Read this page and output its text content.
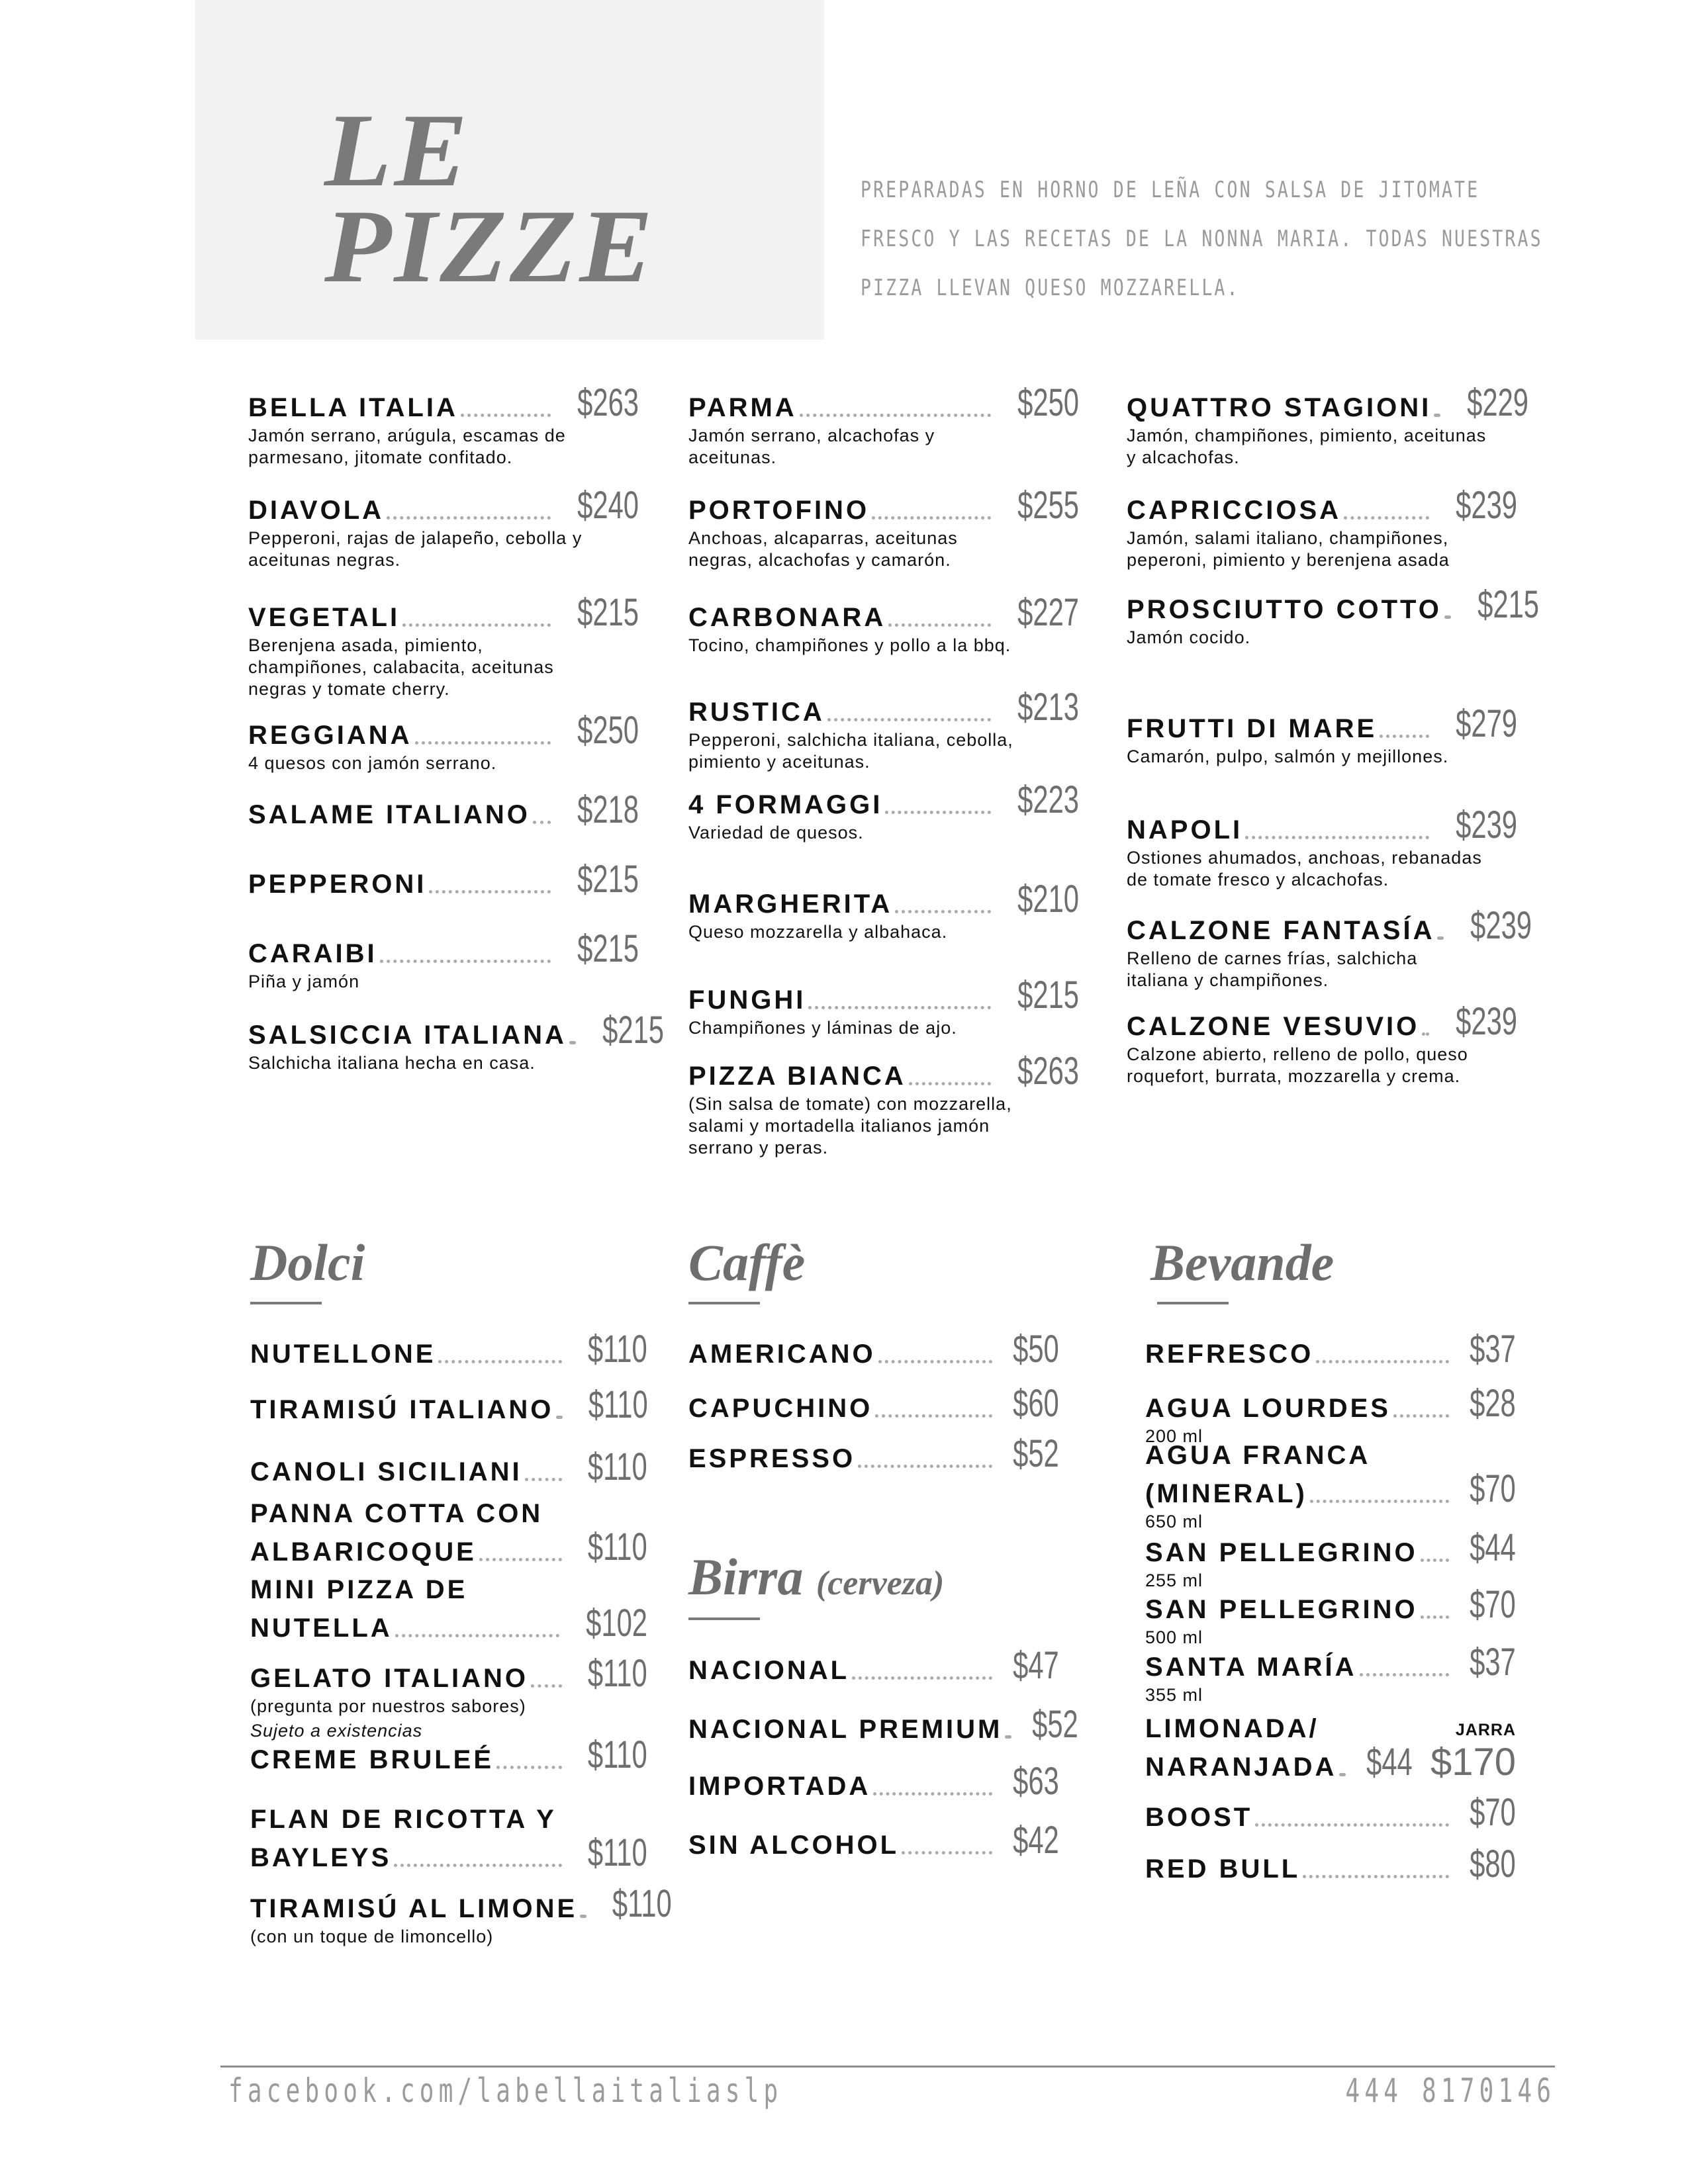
LE
PIZZE	PREPARADAS EN HORNO DE LEÑA CON SALSA DE JITOMATE
FRESCO Y LAS RECETAS DE LA NONNA MARIA. TODAS NUESTRAS
PIZZA LLEVAN QUESO MOZZARELLA.
BELLA ITALIA	$263
Jamón serrano, arúgula, escamas de
parmesano, jitomate confitado.
DIAVOLA	$240
Pepperoni, rajas de jalapeño, cebolla y
aceitunas negras.
VEGETALI	$215
Berenjena asada, pimiento,
champiñones, calabacita, aceitunas
negras y tomate cherry.
REGGIANA	$250
4 quesos con jamón serrano.
SALAME ITALIANO $218
PEPPERONI	$215
CARAIBI	$215
Piña y jamón
SALSICCIA ITALIANA $215
Salchicha italiana hecha en casa.
PARMA	$250
Jamón serrano, alcachofas y
aceitunas.
PORTOFINO	$255
Anchoas, alcaparras, aceitunas
negras, alcachofas y camarón.
CARBONARA	$227
Tocino, champiñones y pollo a la bbq.
RUSTICA	$213
Pepperoni, salchicha italiana, cebolla,
pimiento y aceitunas.
4 FORMAGGI	$223
Variedad de quesos.
MARGHERITA	$210
Queso mozzarella y albahaca.
FUNGHI	$215
Champiñones y láminas de ajo.
PIZZA BIANCA	$263
(Sin salsa de tomate) con mozzarella,
salami y mortadella italianos jamón
serrano y peras.
QUATTRO STAGIONI $229
Jamón, champiñones, pimiento, aceitunas
y alcachofas.
CAPRICCIOSA	$239
Jamón, salami italiano, champiñones,
peperoni, pimiento y berenjena asada
PROSCIUTTO COTTO $215
Jamón cocido.
FRUTTI DI MARE $279
Camarón, pulpo, salmón y mejillones.
NAPOLI	$239
Ostiones ahumados, anchoas, rebanadas
de tomate fresco y alcachofas.
CALZONE FANTASÍA $239
Relleno de carnes frías, salchicha
italiana y champiñones.
CALZONE VESUVIO $239
Calzone abierto, relleno de pollo, queso
roquefort, burrata, mozzarella y crema.
NUTELLONE	$110
TIRAMISÚ ITALIANO $110
CANOLI SICILIANI $110
PANNA COTTA CON
ALBARICOQUE	$110
MINI PIZZA DE
NUTELLA	$102
GELATO ITALIANO $110
(pregunta por nuestros sabores)
Sujeto a existencias
CREME BRULEÉ $110
FLAN DE RICOTTA Y
BAYLEYS	$110
TIRAMISÚ AL LIMONE $110
(con un toque de limoncello)
AMERICANO	$50
CAPUCHINO	$60
ESPRESSO	$52
NACIONAL	$47
NACIONAL PREMIUM $52
IMPORTADA	$63
SIN ALCOHOL	$42
REFRESCO	$37
AGUA LOURDES $28
200 ml
AGUA FRANCA
(MINERAL)	$70
650 ml
SAN PELLEGRINO $44
255 ml
SAN PELLEGRINO $70
500 ml
SANTA MARÍA	$37
355 ml
LIMONADA/
NARANJADA $44
JARRA
$170
BOOST	$70
RED BULL	$80
Dolci	Caffè
Birra (cerveza)
Bevande
facebook.com/labellaitaliaslp	444 8170146
